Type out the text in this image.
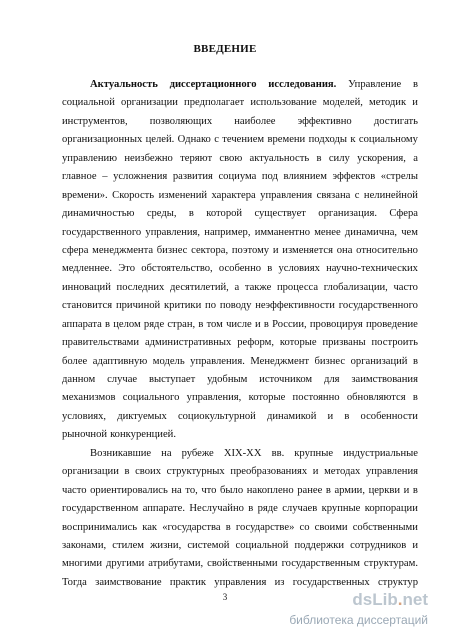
ВВЕДЕНИЕ
Актуальность диссертационного исследования. Управление в
социальной организации предполагает использование моделей, методик и
инструментов, позволяющих наиболее эффективно достигать
организационных целей. Однако с течением времени подходы к социальному
управлению неизбежно теряют свою актуальность в силу ускорения, а
главное – усложнения развития социума под влиянием эффектов «стрелы
времени». Скорость изменений характера управления связана с нелинейной
динамичностью среды, в которой существует организация. Сфера
государственного управления, например, имманентно менее динамична, чем
сфера менеджмента бизнес сектора, поэтому и изменяется она относительно
медленнее. Это обстоятельство, особенно в условиях научно-технических
инноваций последних десятилетий, а также процесса глобализации, часто
становится причиной критики по поводу неэффективности государственного
аппарата в целом ряде стран, в том числе и в России, провоцируя проведение
правительствами административных реформ, которые призваны построить
более адаптивную модель управления. Менеджмент бизнес организаций в
данном случае выступает удобным источником для заимствования
механизмов социального управления, которые постоянно обновляются в
условиях, диктуемых социокультурной динамикой и в особенности
рыночной конкуренцией.
Возникавшие на рубеже XIX-XX вв. крупные индустриальные
организации в своих структурных преобразованиях и методах управления
часто ориентировались на то, что было накоплено ранее в армии, церкви и в
государственном аппарате. Неслучайно в ряде случаев крупные корпорации
воспринимались как «государства в государстве» со своими собственными
законами, стилем жизни, системой социальной поддержки сотрудников и
многими другими атрибутами, свойственными государственным структурам.
Тогда заимствование практик управления из государственных структур
3	dsLib.net
библиотека диссертаций
